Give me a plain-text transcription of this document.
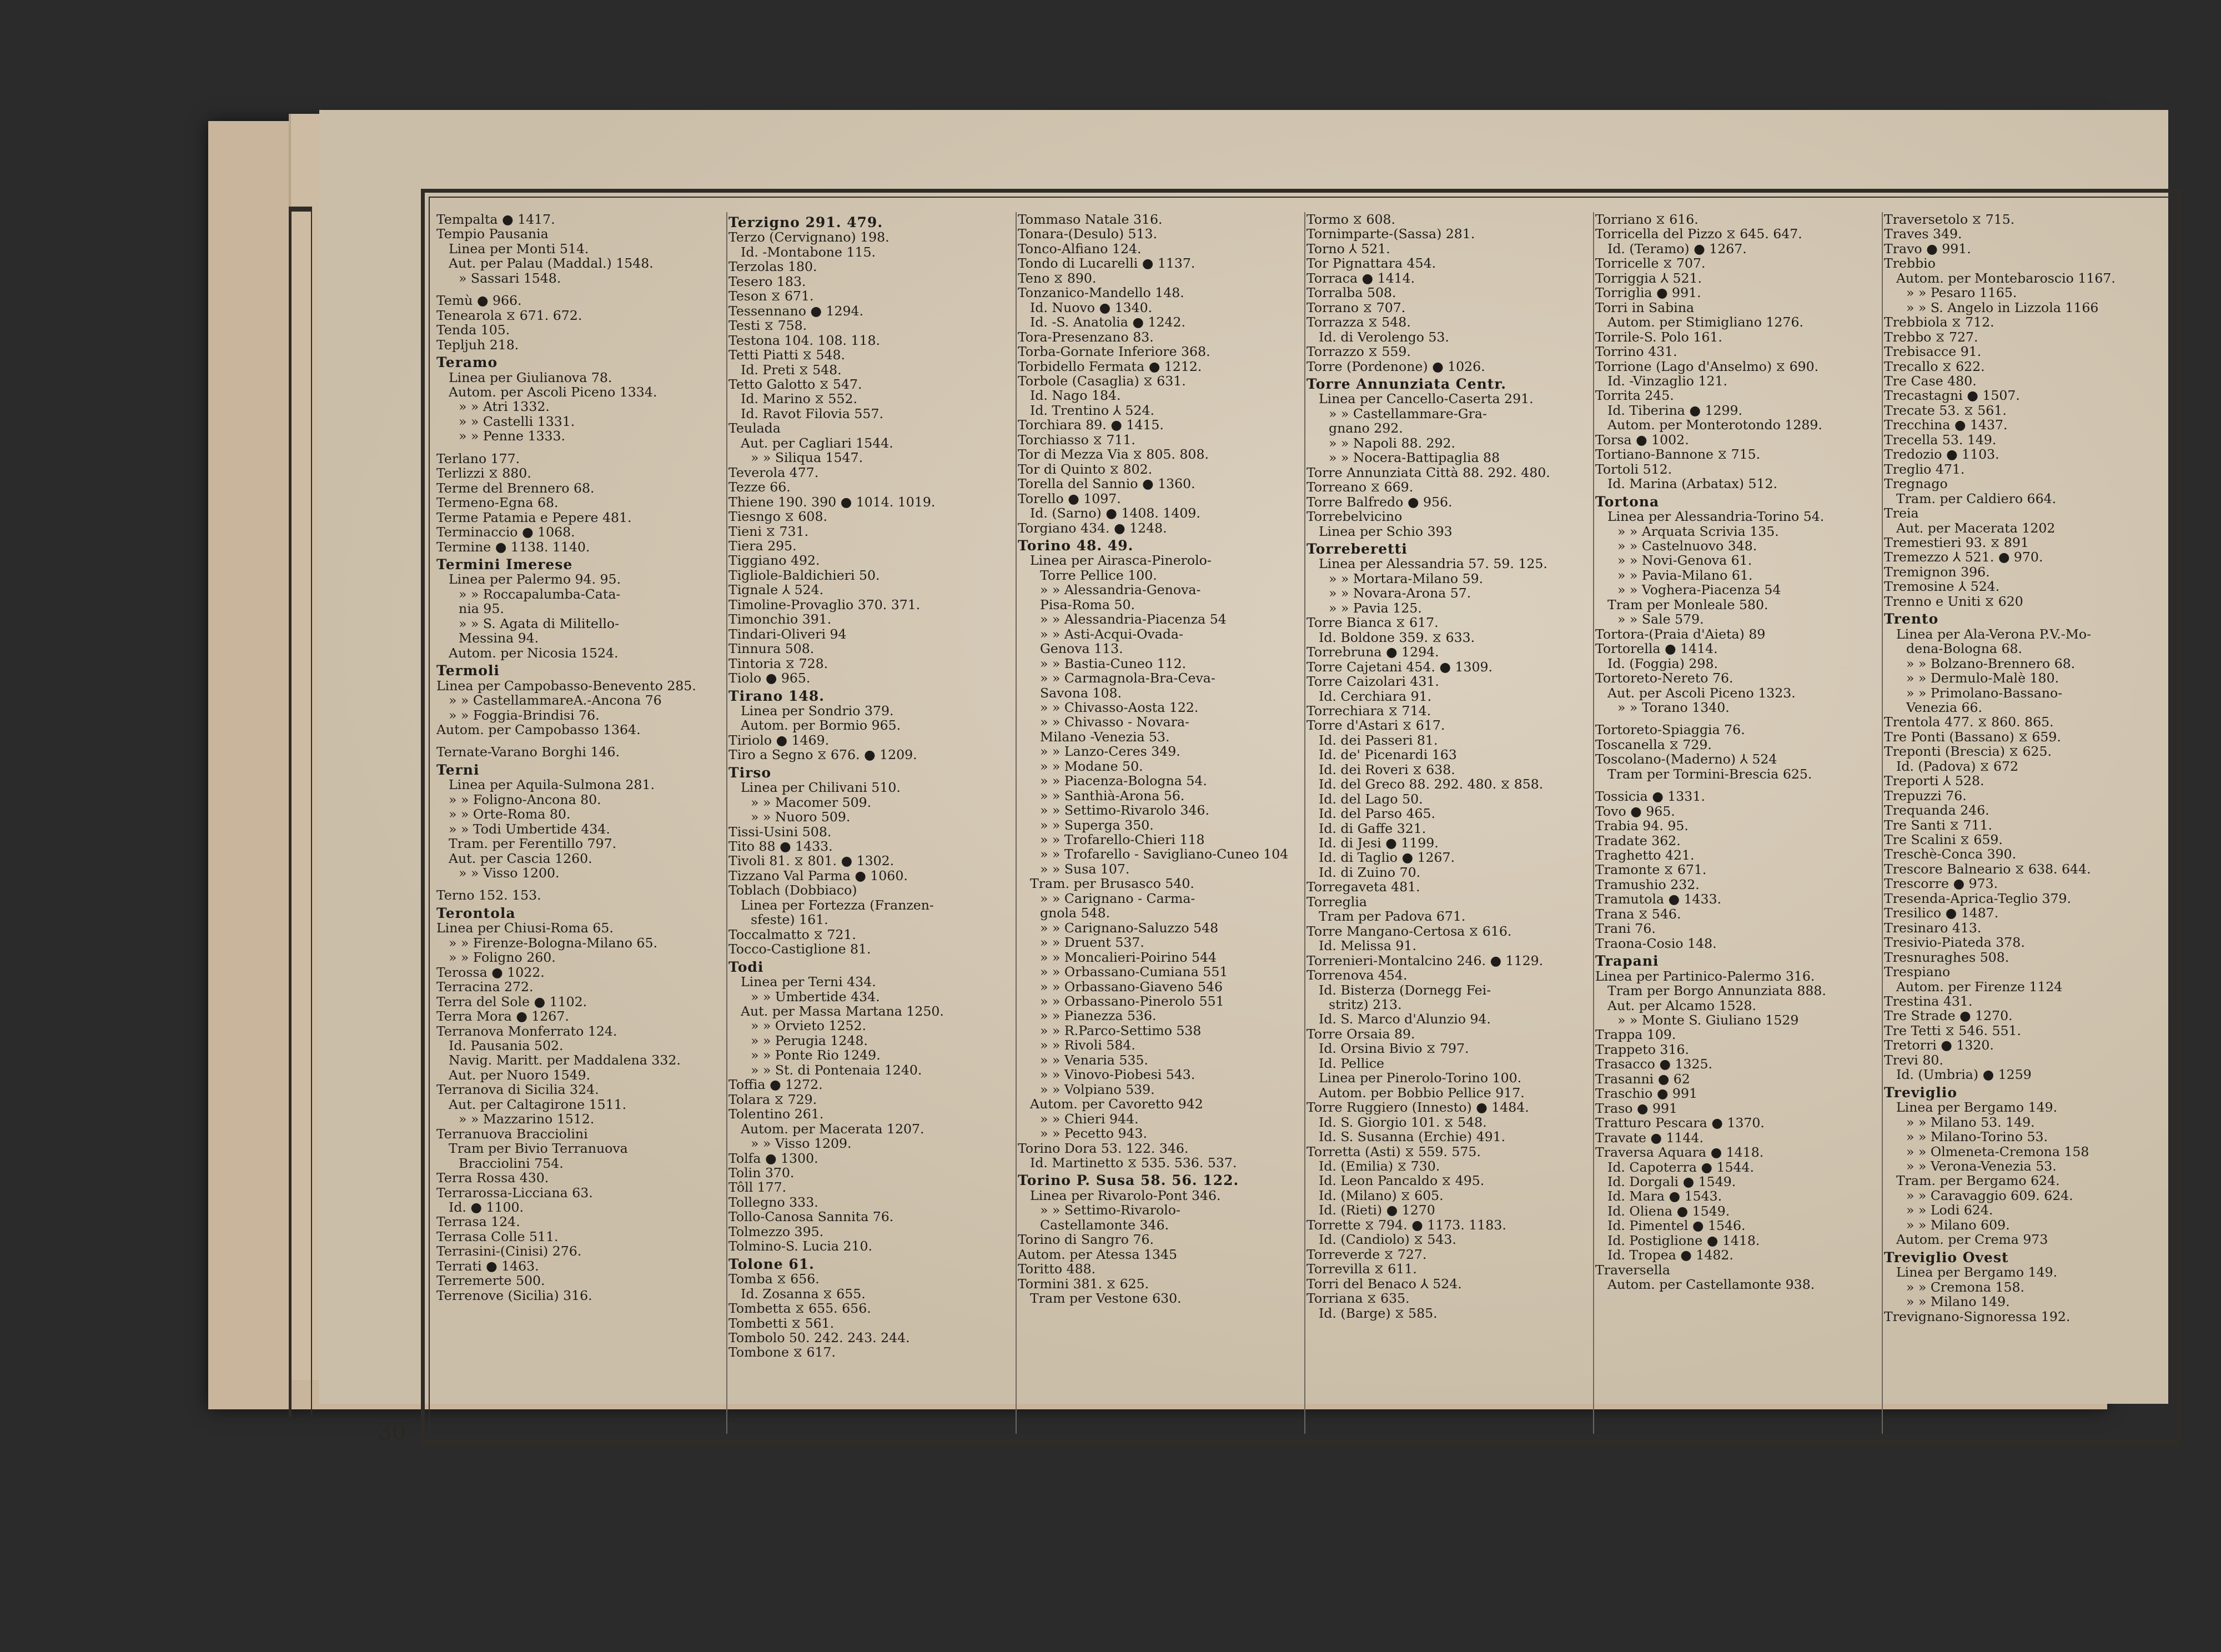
30
Tempalta ● 1417.
Tempio Pausania
Linea per Monti 514.
Aut. per Palau (Maddal.) 1548.
» Sassari 1548.
Temù ● 966.
Tenearola ⧖ 671. 672.
Tenda 105.
Tepljuh 218.
Teramo
Linea per Giulianova 78.
Autom. per Ascoli Piceno 1334.
» » Atri 1332.
» » Castelli 1331.
» » Penne 1333.
Terlano 177.
Terlizzi ⧖ 880.
Terme del Brennero 68.
Termeno-Egna 68.
Terme Patamia e Pepere 481.
Terminaccio ● 1068.
Termine ● 1138. 1140.
Termini Imerese
Linea per Palermo 94. 95.
» » Roccapalumba-Cata-
nia 95.
» » S. Agata di Militello-
Messina 94.
Autom. per Nicosia 1524.
Termoli
Linea per Campobasso-Benevento 285.
» » CastellammareA.-Ancona 76
» » Foggia-Brindisi 76.
Autom. per Campobasso 1364.
Ternate-Varano Borghi 146.
Terni
Linea per Aquila-Sulmona 281.
» » Foligno-Ancona 80.
» » Orte-Roma 80.
» » Todi Umbertide 434.
Tram. per Ferentillo 797.
Aut. per Cascia 1260.
» » Visso 1200.
Terno 152. 153.
Terontola
Linea per Chiusi-Roma 65.
» » Firenze-Bologna-Milano 65.
» » Foligno 260.
Terossa ● 1022.
Terracina 272.
Terra del Sole ● 1102.
Terra Mora ● 1267.
Terranova Monferrato 124.
Id. Pausania 502.
Navig. Maritt. per Maddalena 332.
Aut. per Nuoro 1549.
Terranova di Sicilia 324.
Aut. per Caltagirone 1511.
» » Mazzarino 1512.
Terranuova Bracciolini
Tram per Bivio Terranuova
Bracciolini 754.
Terra Rossa 430.
Terrarossa-Licciana 63.
Id. ● 1100.
Terrasa 124.
Terrasa Colle 511.
Terrasini-(Cinisi) 276.
Terrati ● 1463.
Terremerte 500.
Terrenove (Sicilia) 316.
Terzigno 291. 479.
Terzo (Cervignano) 198.
Id. -Montabone 115.
Terzolas 180.
Tesero 183.
Teson ⧖ 671.
Tessennano ● 1294.
Testi ⧖ 758.
Testona 104. 108. 118.
Tetti Piatti ⧖ 548.
Id. Preti ⧖ 548.
Tetto Galotto ⧖ 547.
Id. Marino ⧖ 552.
Id. Ravot Filovia 557.
Teulada
Aut. per Cagliari 1544.
» » Siliqua 1547.
Teverola 477.
Tezze 66.
Thiene 190. 390 ● 1014. 1019.
Tiesngo ⧖ 608.
Tieni ⧖ 731.
Tiera 295.
Tiggiano 492.
Tigliole-Baldichieri 50.
Tignale ⅄ 524.
Timoline-Provaglio 370. 371.
Timonchio 391.
Tindari-Oliveri 94
Tinnura 508.
Tintoria ⧖ 728.
Tiolo ● 965.
Tirano 148.
Linea per Sondrio 379.
Autom. per Bormio 965.
Tiriolo ● 1469.
Tiro a Segno ⧖ 676. ● 1209.
Tirso
Linea per Chilivani 510.
» » Macomer 509.
» » Nuoro 509.
Tissi-Usini 508.
Tito 88 ● 1433.
Tivoli 81. ⧖ 801. ● 1302.
Tizzano Val Parma ● 1060.
Toblach (Dobbiaco)
Linea per Fortezza (Franzen-
sfeste) 161.
Toccalmatto ⧖ 721.
Tocco-Castiglione 81.
Todi
Linea per Terni 434.
» » Umbertide 434.
Aut. per Massa Martana 1250.
» » Orvieto 1252.
» » Perugia 1248.
» » Ponte Rio 1249.
» » St. di Pontenaia 1240.
Toffia ● 1272.
Tolara ⧖ 729.
Tolentino 261.
Autom. per Macerata 1207.
» » Visso 1209.
Tolfa ● 1300.
Tolin 370.
Tôll 177.
Tollegno 333.
Tollo-Canosa Sannita 76.
Tolmezzo 395.
Tolmino-S. Lucia 210.
Tolone 61.
Tomba ⧖ 656.
Id. Zosanna ⧖ 655.
Tombetta ⧖ 655. 656.
Tombetti ⧖ 561.
Tombolo 50. 242. 243. 244.
Tombone ⧖ 617.
Tommaso Natale 316.
Tonara-(Desulo) 513.
Tonco-Alfiano 124.
Tondo di Lucarelli ● 1137.
Teno ⧖ 890.
Tonzanico-Mandello 148.
Id. Nuovo ● 1340.
Id. -S. Anatolia ● 1242.
Tora-Presenzano 83.
Torba-Gornate Inferiore 368.
Torbidello Fermata ● 1212.
Torbole (Casaglia) ⧖ 631.
Id. Nago 184.
Id. Trentino ⅄ 524.
Torchiara 89. ● 1415.
Torchiasso ⧖ 711.
Tor di Mezza Via ⧖ 805. 808.
Tor di Quinto ⧖ 802.
Torella del Sannio ● 1360.
Torello ● 1097.
Id. (Sarno) ● 1408. 1409.
Torgiano 434. ● 1248.
Torino 48. 49.
Linea per Airasca-Pinerolo-
Torre Pellice 100.
» » Alessandria-Genova-
Pisa-Roma 50.
» » Alessandria-Piacenza 54
» » Asti-Acqui-Ovada-
Genova 113.
» » Bastia-Cuneo 112.
» » Carmagnola-Bra-Ceva-
Savona 108.
» » Chivasso-Aosta 122.
» » Chivasso - Novara-
Milano -Venezia 53.
» » Lanzo-Ceres 349.
» » Modane 50.
» » Piacenza-Bologna 54.
» » Santhià-Arona 56.
» » Settimo-Rivarolo 346.
» » Superga 350.
» » Trofarello-Chieri 118
» » Trofarello - Savigliano-Cuneo 104
» » Susa 107.
Tram. per Brusasco 540.
» » Carignano - Carma-
gnola 548.
» » Carignano-Saluzzo 548
» » Druent 537.
» » Moncalieri-Poirino 544
» » Orbassano-Cumiana 551
» » Orbassano-Giaveno 546
» » Orbassano-Pinerolo 551
» » Pianezza 536.
» » R.Parco-Settimo 538
» » Rivoli 584.
» » Venaria 535.
» » Vinovo-Piobesi 543.
» » Volpiano 539.
Autom. per Cavoretto 942
» » Chieri 944.
» » Pecetto 943.
Torino Dora 53. 122. 346.
Id. Martinetto ⧖ 535. 536. 537.
Torino P. Susa 58. 56. 122.
Linea per Rivarolo-Pont 346.
» » Settimo-Rivarolo-
Castellamonte 346.
Torino di Sangro 76.
Autom. per Atessa 1345
Toritto 488.
Tormini 381. ⧖ 625.
Tram per Vestone 630.
Tormo ⧖ 608.
Tornimparte-(Sassa) 281.
Torno ⅄ 521.
Tor Pignattara 454.
Torraca ● 1414.
Torralba 508.
Torrano ⧖ 707.
Torrazza ⧖ 548.
Id. di Verolengo 53.
Torrazzo ⧖ 559.
Torre (Pordenone) ● 1026.
Torre Annunziata Centr.
Linea per Cancello-Caserta 291.
» » Castellammare-Gra-
gnano 292.
» » Napoli 88. 292.
» » Nocera-Battipaglia 88
Torre Annunziata Città 88. 292. 480.
Torreano ⧖ 669.
Torre Balfredo ● 956.
Torrebelvicino
Linea per Schio 393
Torreberetti
Linea per Alessandria 57. 59. 125.
» » Mortara-Milano 59.
» » Novara-Arona 57.
» » Pavia 125.
Torre Bianca ⧖ 617.
Id. Boldone 359. ⧖ 633.
Torrebruna ● 1294.
Torre Cajetani 454. ● 1309.
Torre Caizolari 431.
Id. Cerchiara 91.
Torrechiara ⧖ 714.
Torre d'Astari ⧖ 617.
Id. dei Passeri 81.
Id. de' Picenardi 163
Id. dei Roveri ⧖ 638.
Id. del Greco 88. 292. 480. ⧖ 858.
Id. del Lago 50.
Id. del Parso 465.
Id. di Gaffe 321.
Id. di Jesi ● 1199.
Id. di Taglio ● 1267.
Id. di Zuino 70.
Torregaveta 481.
Torreglia
Tram per Padova 671.
Torre Mangano-Certosa ⧖ 616.
Id. Melissa 91.
Torrenieri-Montalcino 246. ● 1129.
Torrenova 454.
Id. Bisterza (Dornegg Fei-
stritz) 213.
Id. S. Marco d'Alunzio 94.
Torre Orsaia 89.
Id. Orsina Bivio ⧖ 797.
Id. Pellice
Linea per Pinerolo-Torino 100.
Autom. per Bobbio Pellice 917.
Torre Ruggiero (Innesto) ● 1484.
Id. S. Giorgio 101. ⧖ 548.
Id. S. Susanna (Erchie) 491.
Torretta (Asti) ⧖ 559. 575.
Id. (Emilia) ⧖ 730.
Id. Leon Pancaldo ⧖ 495.
Id. (Milano) ⧖ 605.
Id. (Rieti) ● 1270
Torrette ⧖ 794. ● 1173. 1183.
Id. (Candiolo) ⧖ 543.
Torreverde ⧖ 727.
Torrevilla ⧖ 611.
Torri del Benaco ⅄ 524.
Torriana ⧖ 635.
Id. (Barge) ⧖ 585.
Torriano ⧖ 616.
Torricella del Pizzo ⧖ 645. 647.
Id. (Teramo) ● 1267.
Torricelle ⧖ 707.
Torriggia ⅄ 521.
Torriglia ● 991.
Torri in Sabina
Autom. per Stimigliano 1276.
Torrile-S. Polo 161.
Torrino 431.
Torrione (Lago d'Anselmo) ⧖ 690.
Id. -Vinzaglio 121.
Torrita 245.
Id. Tiberina ● 1299.
Autom. per Monterotondo 1289.
Torsa ● 1002.
Tortiano-Bannone ⧖ 715.
Tortoli 512.
Id. Marina (Arbatax) 512.
Tortona
Linea per Alessandria-Torino 54.
» » Arquata Scrivia 135.
» » Castelnuovo 348.
» » Novi-Genova 61.
» » Pavia-Milano 61.
» » Voghera-Piacenza 54
Tram per Monleale 580.
» » Sale 579.
Tortora-(Praia d'Aieta) 89
Tortorella ● 1414.
Id. (Foggia) 298.
Tortoreto-Nereto 76.
Aut. per Ascoli Piceno 1323.
» » Torano 1340.
Tortoreto-Spiaggia 76.
Toscanella ⧖ 729.
Toscolano-(Maderno) ⅄ 524
Tram per Tormini-Brescia 625.
Tossicia ● 1331.
Tovo ● 965.
Trabia 94. 95.
Tradate 362.
Traghetto 421.
Tramonte ⧖ 671.
Tramushio 232.
Tramutola ● 1433.
Trana ⧖ 546.
Trani 76.
Traona-Cosio 148.
Trapani
Linea per Partinico-Palermo 316.
Tram per Borgo Annunziata 888.
Aut. per Alcamo 1528.
» » Monte S. Giuliano 1529
Trappa 109.
Trappeto 316.
Trasacco ● 1325.
Trasanni ● 62
Traschio ● 991
Traso ● 991
Tratturo Pescara ● 1370.
Travate ● 1144.
Traversa Aquara ● 1418.
Id. Capoterra ● 1544.
Id. Dorgali ● 1549.
Id. Mara ● 1543.
Id. Oliena ● 1549.
Id. Pimentel ● 1546.
Id. Postiglione ● 1418.
Id. Tropea ● 1482.
Traversella
Autom. per Castellamonte 938.
Traversetolo ⧖ 715.
Traves 349.
Travo ● 991.
Trebbio
Autom. per Montebaroscio 1167.
» » Pesaro 1165.
» » S. Angelo in Lizzola 1166
Trebbiola ⧖ 712.
Trebbo ⧖ 727.
Trebisacce 91.
Trecallo ⧖ 622.
Tre Case 480.
Trecastagni ● 1507.
Trecate 53. ⧖ 561.
Trecchina ● 1437.
Trecella 53. 149.
Tredozio ● 1103.
Treglio 471.
Tregnago
Tram. per Caldiero 664.
Treia
Aut. per Macerata 1202
Tremestieri 93. ⧖ 891
Tremezzo ⅄ 521. ● 970.
Tremignon 396.
Tremosine ⅄ 524.
Trenno e Uniti ⧖ 620
Trento
Linea per Ala-Verona P.V.-Mo-
dena-Bologna 68.
» » Bolzano-Brennero 68.
» » Dermulo-Malè 180.
» » Primolano-Bassano-
Venezia 66.
Trentola 477. ⧖ 860. 865.
Tre Ponti (Bassano) ⧖ 659.
Treponti (Brescia) ⧖ 625.
Id. (Padova) ⧖ 672
Treporti ⅄ 528.
Trepuzzi 76.
Trequanda 246.
Tre Santi ⧖ 711.
Tre Scalini ⧖ 659.
Treschè-Conca 390.
Trescore Balneario ⧖ 638. 644.
Trescorre ● 973.
Tresenda-Aprica-Teglio 379.
Tresilico ● 1487.
Tresinaro 413.
Tresivio-Piateda 378.
Tresnuraghes 508.
Trespiano
Autom. per Firenze 1124
Trestina 431.
Tre Strade ● 1270.
Tre Tetti ⧖ 546. 551.
Tretorri ● 1320.
Trevi 80.
Id. (Umbria) ● 1259
Treviglio
Linea per Bergamo 149.
» » Milano 53. 149.
» » Milano-Torino 53.
» » Olmeneta-Cremona 158
» » Verona-Venezia 53.
Tram. per Bergamo 624.
» » Caravaggio 609. 624.
» » Lodi 624.
» » Milano 609.
Autom. per Crema 973
Treviglio Ovest
Linea per Bergamo 149.
» » Cremona 158.
» » Milano 149.
Trevignano-Signoressa 192.
